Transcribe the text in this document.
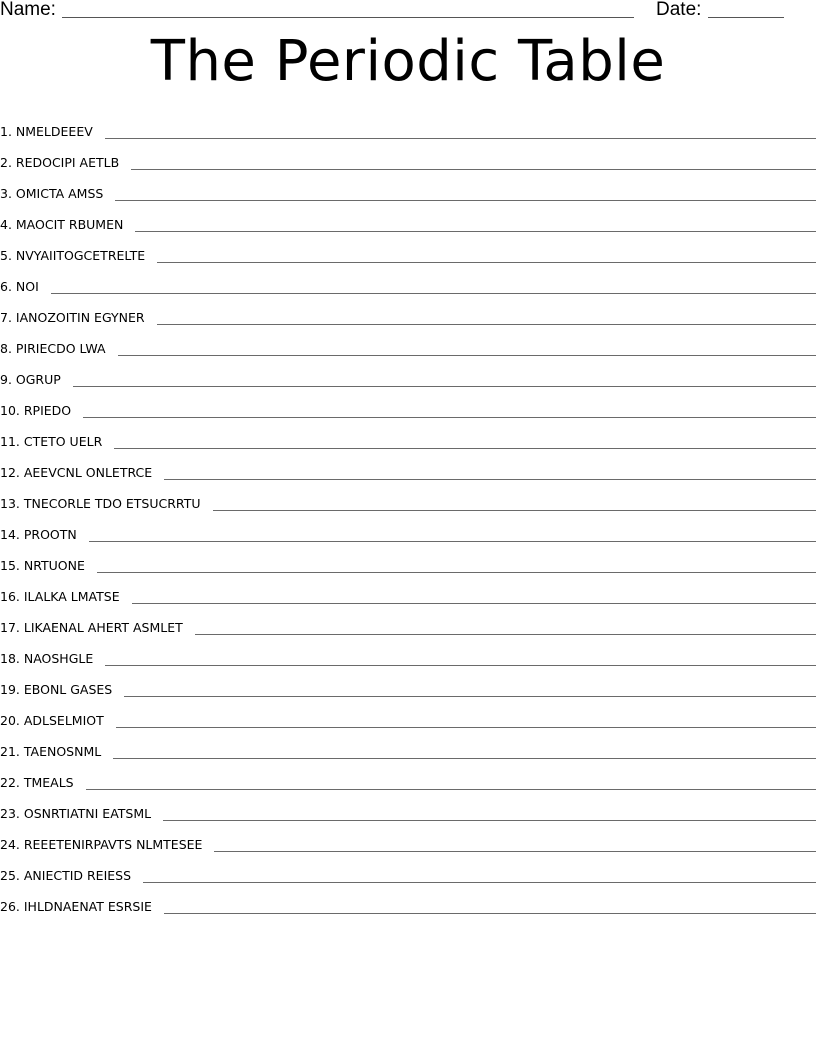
Name:	Date:
The Periodic Table
1. NMELDEEEV
2. REDOCIPI AETLB
3. OMICTA AMSS
4. MAOCIT RBUMEN
5. NVYAIITOGCETRELTE
6. NOI
7. IANOZOITIN EGYNER
8. PIRIECDO LWA
9. OGRUP
10. RPIEDO
11. CTETO UELR
12. AEEVCNL ONLETRCE
13. TNECORLE TDO ETSUCRRTU
14. PROOTN
15. NRTUONE
16. ILALKA LMATSE
17. LIKAENAL AHERT ASMLET
18. NAOSHGLE
19. EBONL GASES
20. ADLSELMIOT
21. TAENOSNML
22. TMEALS
23. OSNRTIATNI EATSML
24. REEETENIRPAVTS NLMTESEE
25. ANIECTID REIESS
26. IHLDNAENAT ESRSIE
